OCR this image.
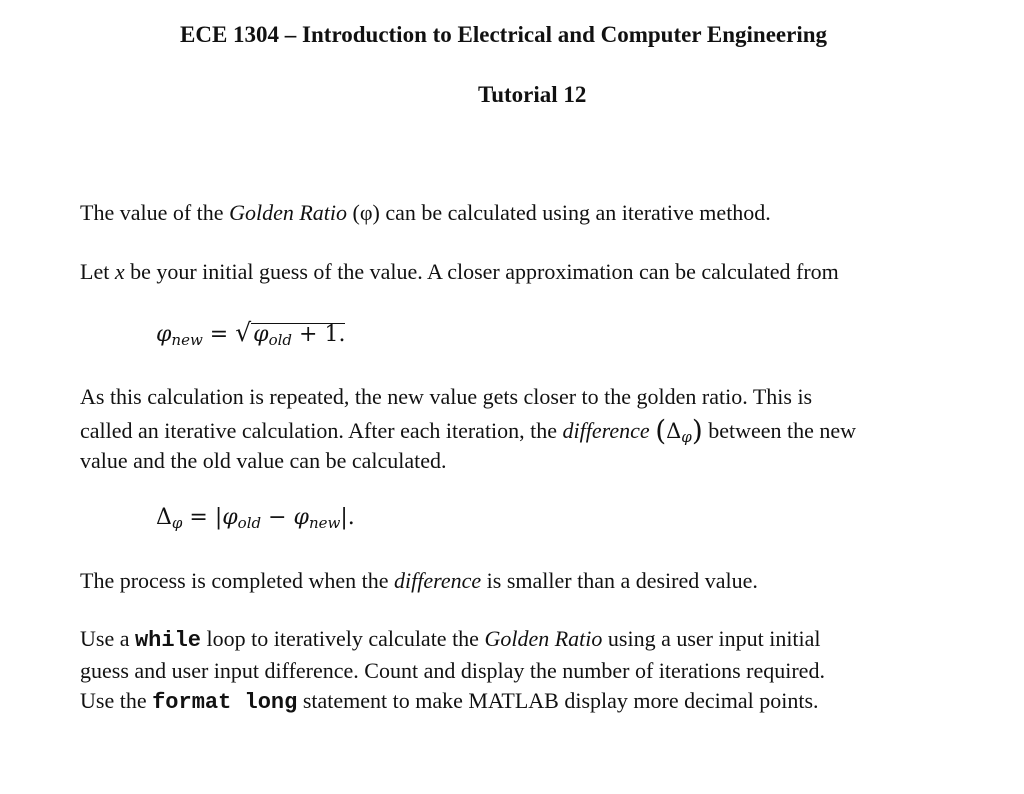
ECE 1304 – Introduction to Electrical and Computer Engineering
Tutorial 12
The value of the Golden Ratio (φ) can be calculated using an iterative method.
Let x be your initial guess of the value. A closer approximation can be calculated from
$\varphi_{new} = √\varphi_{old} + 1$.
As this calculation is repeated, the new value gets closer to the golden ratio. This is
called an iterative calculation. After each iteration, the difference $(\Delta_\varphi)$ between the new
value and the old value can be calculated.
$\Delta_\varphi = |\varphi_{old} - \varphi_{new}|$.
The process is completed when the difference is smaller than a desired value.
Use a while loop to iteratively calculate the Golden Ratio using a user input initial
guess and user input difference. Count and display the number of iterations required.
Use the format long statement to make MATLAB display more decimal points.
